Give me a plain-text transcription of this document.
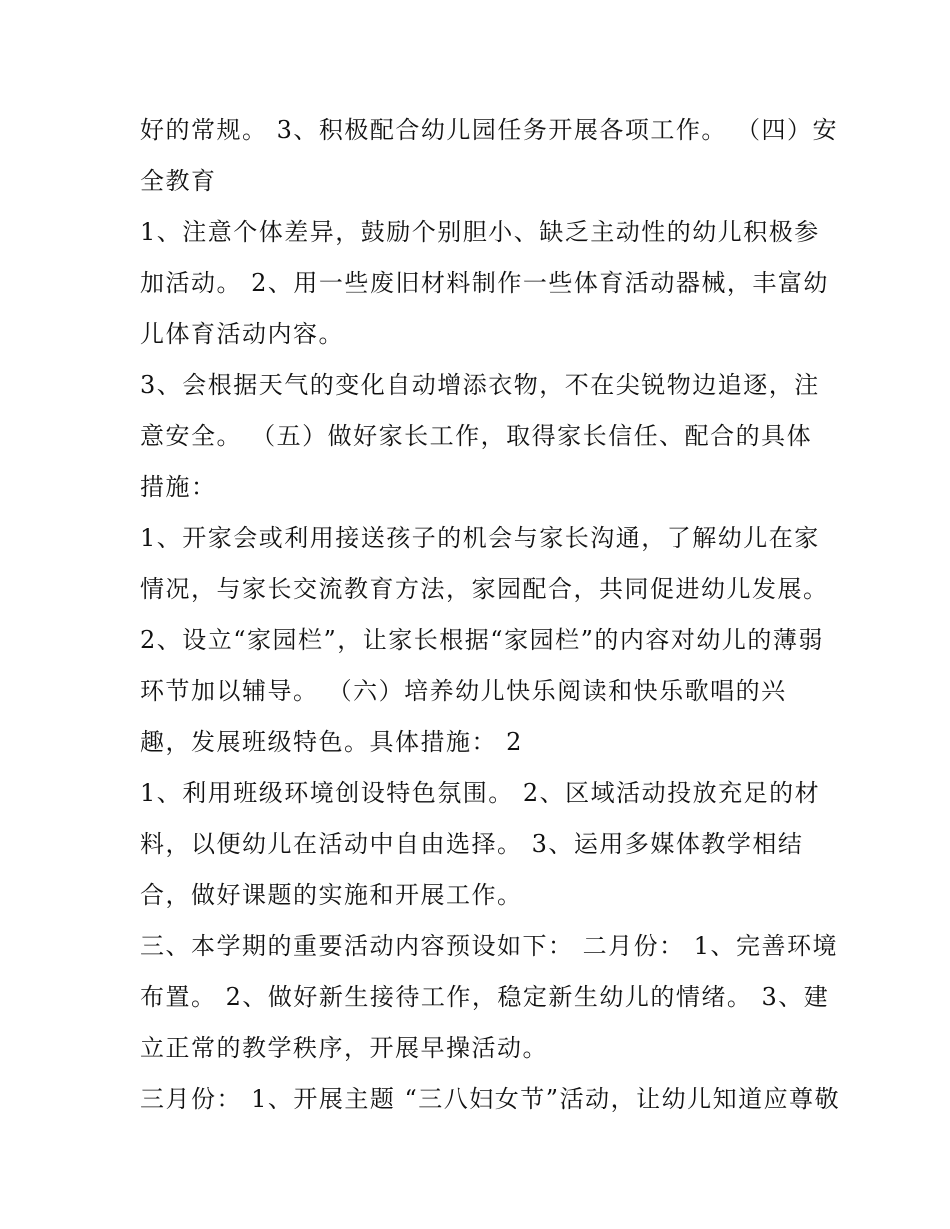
好的常规。 3、积极配合幼儿园任务开展各项工作。 （四）安
全教育
1、注意个体差异，鼓励个别胆小、缺乏主动性的幼儿积极参
加活动。 2、用一些废旧材料制作一些体育活动器械，丰富幼
儿体育活动内容。
3、会根据天气的变化自动增添衣物，不在尖锐物边追逐，注
意安全。 （五）做好家长工作，取得家长信任、配合的具体
措施：
1、开家会或利用接送孩子的机会与家长沟通，了解幼儿在家
情况，与家长交流教育方法，家园配合，共同促进幼儿发展。
2、设立“家园栏”，让家长根据“家园栏”的内容对幼儿的薄弱
环节加以辅导。 （六）培养幼儿快乐阅读和快乐歌唱的兴
趣，发展班级特色。具体措施： 2
1、利用班级环境创设特色氛围。 2、区域活动投放充足的材
料，以便幼儿在活动中自由选择。 3、运用多媒体教学相结
合，做好课题的实施和开展工作。
三、本学期的重要活动内容预设如下： 二月份： 1、完善环境
布置。 2、做好新生接待工作，稳定新生幼儿的情绪。 3、建
立正常的教学秩序，开展早操活动。
三月份： 1、开展主题 “三八妇女节”活动，让幼儿知道应尊敬
